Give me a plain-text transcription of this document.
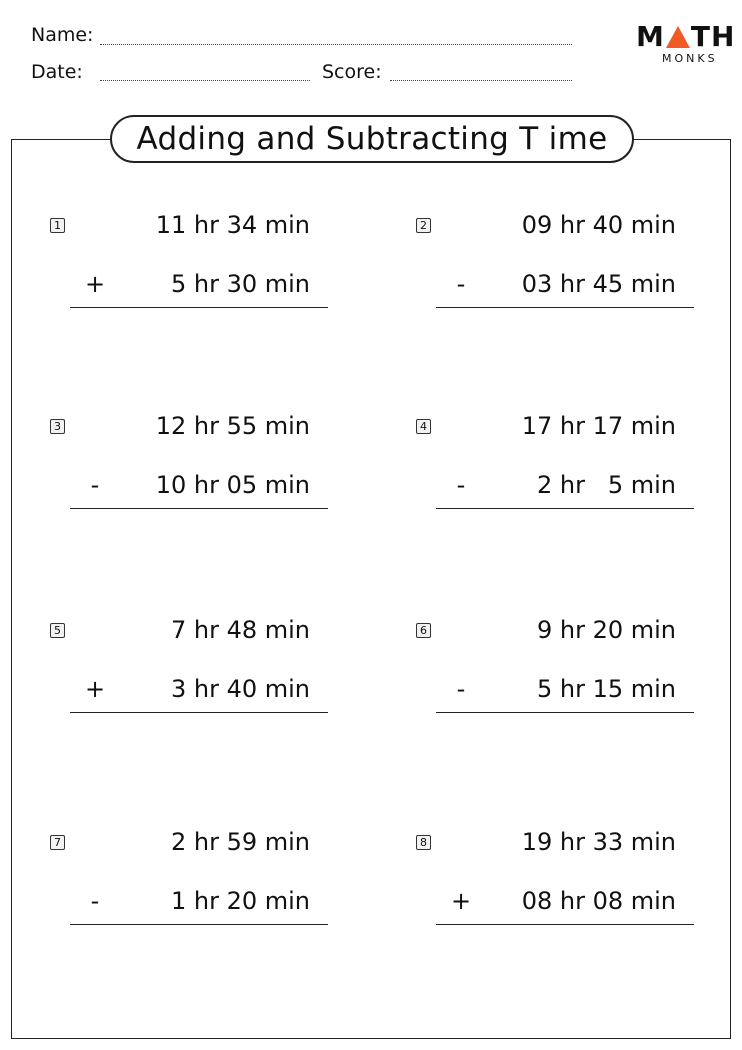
Name:
Date:	Score:
M TH
MONKS
Adding and Subtracting T ime
1	11 hr 34 min
+	5 hr 30 min
2	09 hr 40 min
-	03 hr 45 min
3	12 hr 55 min
-	10 hr 05 min
4	17 hr 17 min
-	2 hr   5 min
5	7 hr 48 min
+	3 hr 40 min
6	9 hr 20 min
-	5 hr 15 min
7	2 hr 59 min
-	1 hr 20 min
8	19 hr 33 min
+	08 hr 08 min
